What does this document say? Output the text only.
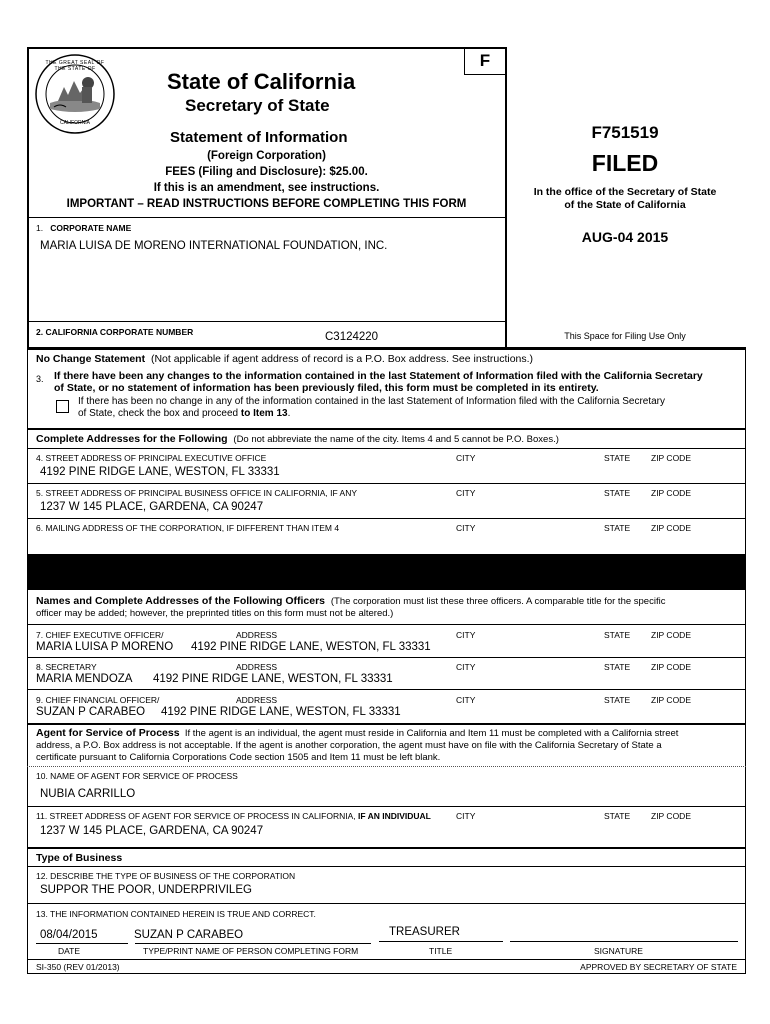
F
THE GREAT SEAL OF THE STATE OF
CALIFORNIA
State of California
Secretary of State
Statement of Information
(Foreign Corporation)
FEES (Filing and Disclosure): $25.00.
If this is an amendment, see instructions.
IMPORTANT – READ INSTRUCTIONS BEFORE COMPLETING THIS FORM
F751519
FILED
In the office of the Secretary of State
of the State of California
AUG-04 2015
This Space for Filing Use Only
1. CORPORATE NAME
MARIA LUISA DE MORENO INTERNATIONAL FOUNDATION, INC.
2. CALIFORNIA CORPORATE NUMBER	C3124220
No Change Statement (Not applicable if agent address of record is a P.O. Box address. See instructions.)
3. If there have been any changes to the information contained in the last Statement of Information filed with the California Secretary
of State, or no statement of information has been previously filed, this form must be completed in its entirety.
If there has been no change in any of the information contained in the last Statement of Information filed with the California Secretary
of State, check the box and proceed to Item 13.
Complete Addresses for the Following (Do not abbreviate the name of the city. Items 4 and 5 cannot be P.O. Boxes.)
4. STREET ADDRESS OF PRINCIPAL EXECUTIVE OFFICE	CITY	STATE ZIP CODE
4192 PINE RIDGE LANE, WESTON, FL 33331
5. STREET ADDRESS OF PRINCIPAL BUSINESS OFFICE IN CALIFORNIA, IF ANY	CITY	STATE ZIP CODE
1237 W 145 PLACE, GARDENA, CA 90247
6. MAILING ADDRESS OF THE CORPORATION, IF DIFFERENT THAN ITEM 4	CITY	STATE ZIP CODE
Names and Complete Addresses of the Following Officers (The corporation must list these three officers. A comparable title for the specific
officer may be added; however, the preprinted titles on this form must not be altered.)
7. CHIEF EXECUTIVE OFFICER/	ADDRESS	CITY	STATE ZIP CODE
MARIA LUISA P MORENO 4192 PINE RIDGE LANE, WESTON, FL 33331
8. SECRETARY	ADDRESS	CITY	STATE ZIP CODE
MARIA MENDOZA 4192 PINE RIDGE LANE, WESTON, FL 33331
9. CHIEF FINANCIAL OFFICER/	ADDRESS	CITY	STATE ZIP CODE
SUZAN P CARABEO 4192 PINE RIDGE LANE, WESTON, FL 33331
Agent for Service of Process If the agent is an individual, the agent must reside in California and Item 11 must be completed with a California street
address, a P.O. Box address is not acceptable. If the agent is another corporation, the agent must have on file with the California Secretary of State a
certificate pursuant to California Corporations Code section 1505 and Item 11 must be left blank.
10. NAME OF AGENT FOR SERVICE OF PROCESS
NUBIA CARRILLO
11. STREET ADDRESS OF AGENT FOR SERVICE OF PROCESS IN CALIFORNIA, IF AN INDIVIDUAL	CITY	STATE ZIP CODE
1237 W 145 PLACE, GARDENA, CA 90247
Type of Business
12. DESCRIBE THE TYPE OF BUSINESS OF THE CORPORATION
SUPPOR THE POOR, UNDERPRIVILEG
13. THE INFORMATION CONTAINED HEREIN IS TRUE AND CORRECT.
08/04/2015	SUZAN P CARABEO	TREASURER
DATE	TYPE/PRINT NAME OF PERSON COMPLETING FORM	TITLE	SIGNATURE
SI-350 (REV 01/2013)	APPROVED BY SECRETARY OF STATE
